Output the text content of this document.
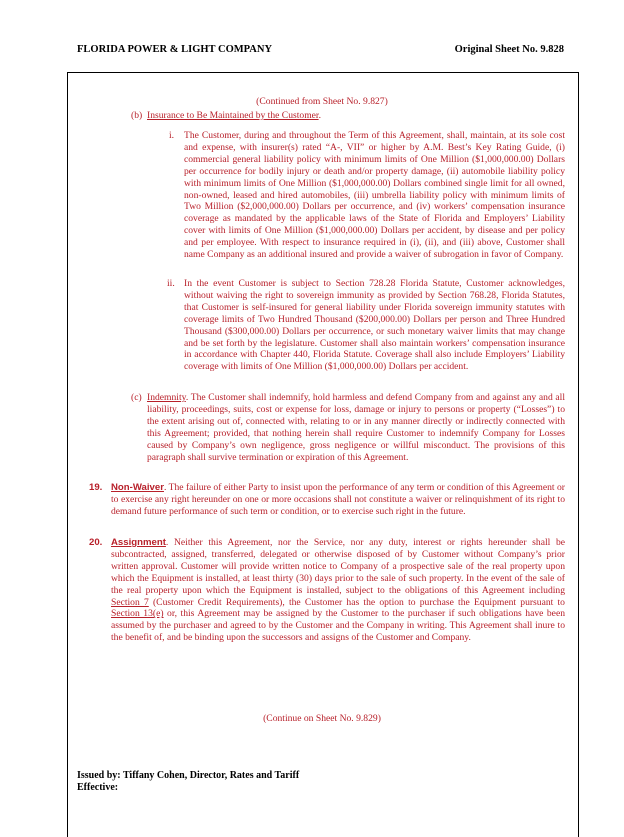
FLORIDA POWER & LIGHT COMPANY	Original Sheet No. 9.828
(Continued from Sheet No. 9.827)
(b) Insurance to Be Maintained by the Customer.
i. The Customer, during and throughout the Term of this Agreement, shall, maintain, at its sole cost and expense, with insurer(s) rated “A-, VII” or higher by A.M. Best’s Key Rating Guide, (i) commercial general liability policy with minimum limits of One Million ($1,000,000.00) Dollars per occurrence for bodily injury or death and/or property damage, (ii) automobile liability policy with minimum limits of One Million ($1,000,000.00) Dollars combined single limit for all owned, non-owned, leased and hired automobiles, (iii) umbrella liability policy with minimum limits of Two Million ($2,000,000.00) Dollars per occurrence, and (iv) workers’ compensation insurance coverage as mandated by the applicable laws of the State of Florida and Employers’ Liability cover with limits of One Million ($1,000,000.00) Dollars per accident, by disease and per policy and per employee. With respect to insurance required in (i), (ii), and (iii) above, Customer shall name Company as an additional insured and provide a waiver of subrogation in favor of Company.
ii. In the event Customer is subject to Section 728.28 Florida Statute, Customer acknowledges, without waiving the right to sovereign immunity as provided by Section 768.28, Florida Statutes, that Customer is self-insured for general liability under Florida sovereign immunity statutes with coverage limits of Two Hundred Thousand ($200,000.00) Dollars per person and Three Hundred Thousand ($300,000.00) Dollars per occurrence, or such monetary waiver limits that may change and be set forth by the legislature. Customer shall also maintain workers’ compensation insurance in accordance with Chapter 440, Florida Statute. Coverage shall also include Employers’ Liability coverage with limits of One Million ($1,000,000.00) Dollars per accident.
(c) Indemnity. The Customer shall indemnify, hold harmless and defend Company from and against any and all liability, proceedings, suits, cost or expense for loss, damage or injury to persons or property (“Losses”) to the extent arising out of, connected with, relating to or in any manner directly or indirectly connected with this Agreement; provided, that nothing herein shall require Customer to indemnify Company for Losses caused by Company’s own negligence, gross negligence or willful misconduct. The provisions of this paragraph shall survive termination or expiration of this Agreement.
19. Non-Waiver. The failure of either Party to insist upon the performance of any term or condition of this Agreement or to exercise any right hereunder on one or more occasions shall not constitute a waiver or relinquishment of its right to demand future performance of such term or condition, or to exercise such right in the future.
20. Assignment. Neither this Agreement, nor the Service, nor any duty, interest or rights hereunder shall be subcontracted, assigned, transferred, delegated or otherwise disposed of by Customer without Company’s prior written approval. Customer will provide written notice to Company of a prospective sale of the real property upon which the Equipment is installed, at least thirty (30) days prior to the sale of such property. In the event of the sale of the real property upon which the Equipment is installed, subject to the obligations of this Agreement including Section 7 (Customer Credit Requirements), the Customer has the option to purchase the Equipment pursuant to Section 13(e) or, this Agreement may be assigned by the Customer to the purchaser if such obligations have been assumed by the purchaser and agreed to by the Customer and the Company in writing. This Agreement shall inure to the benefit of, and be binding upon the successors and assigns of the Customer and Company.
(Continue on Sheet No. 9.829)
Issued by: Tiffany Cohen, Director, Rates and Tariff
Effective:
